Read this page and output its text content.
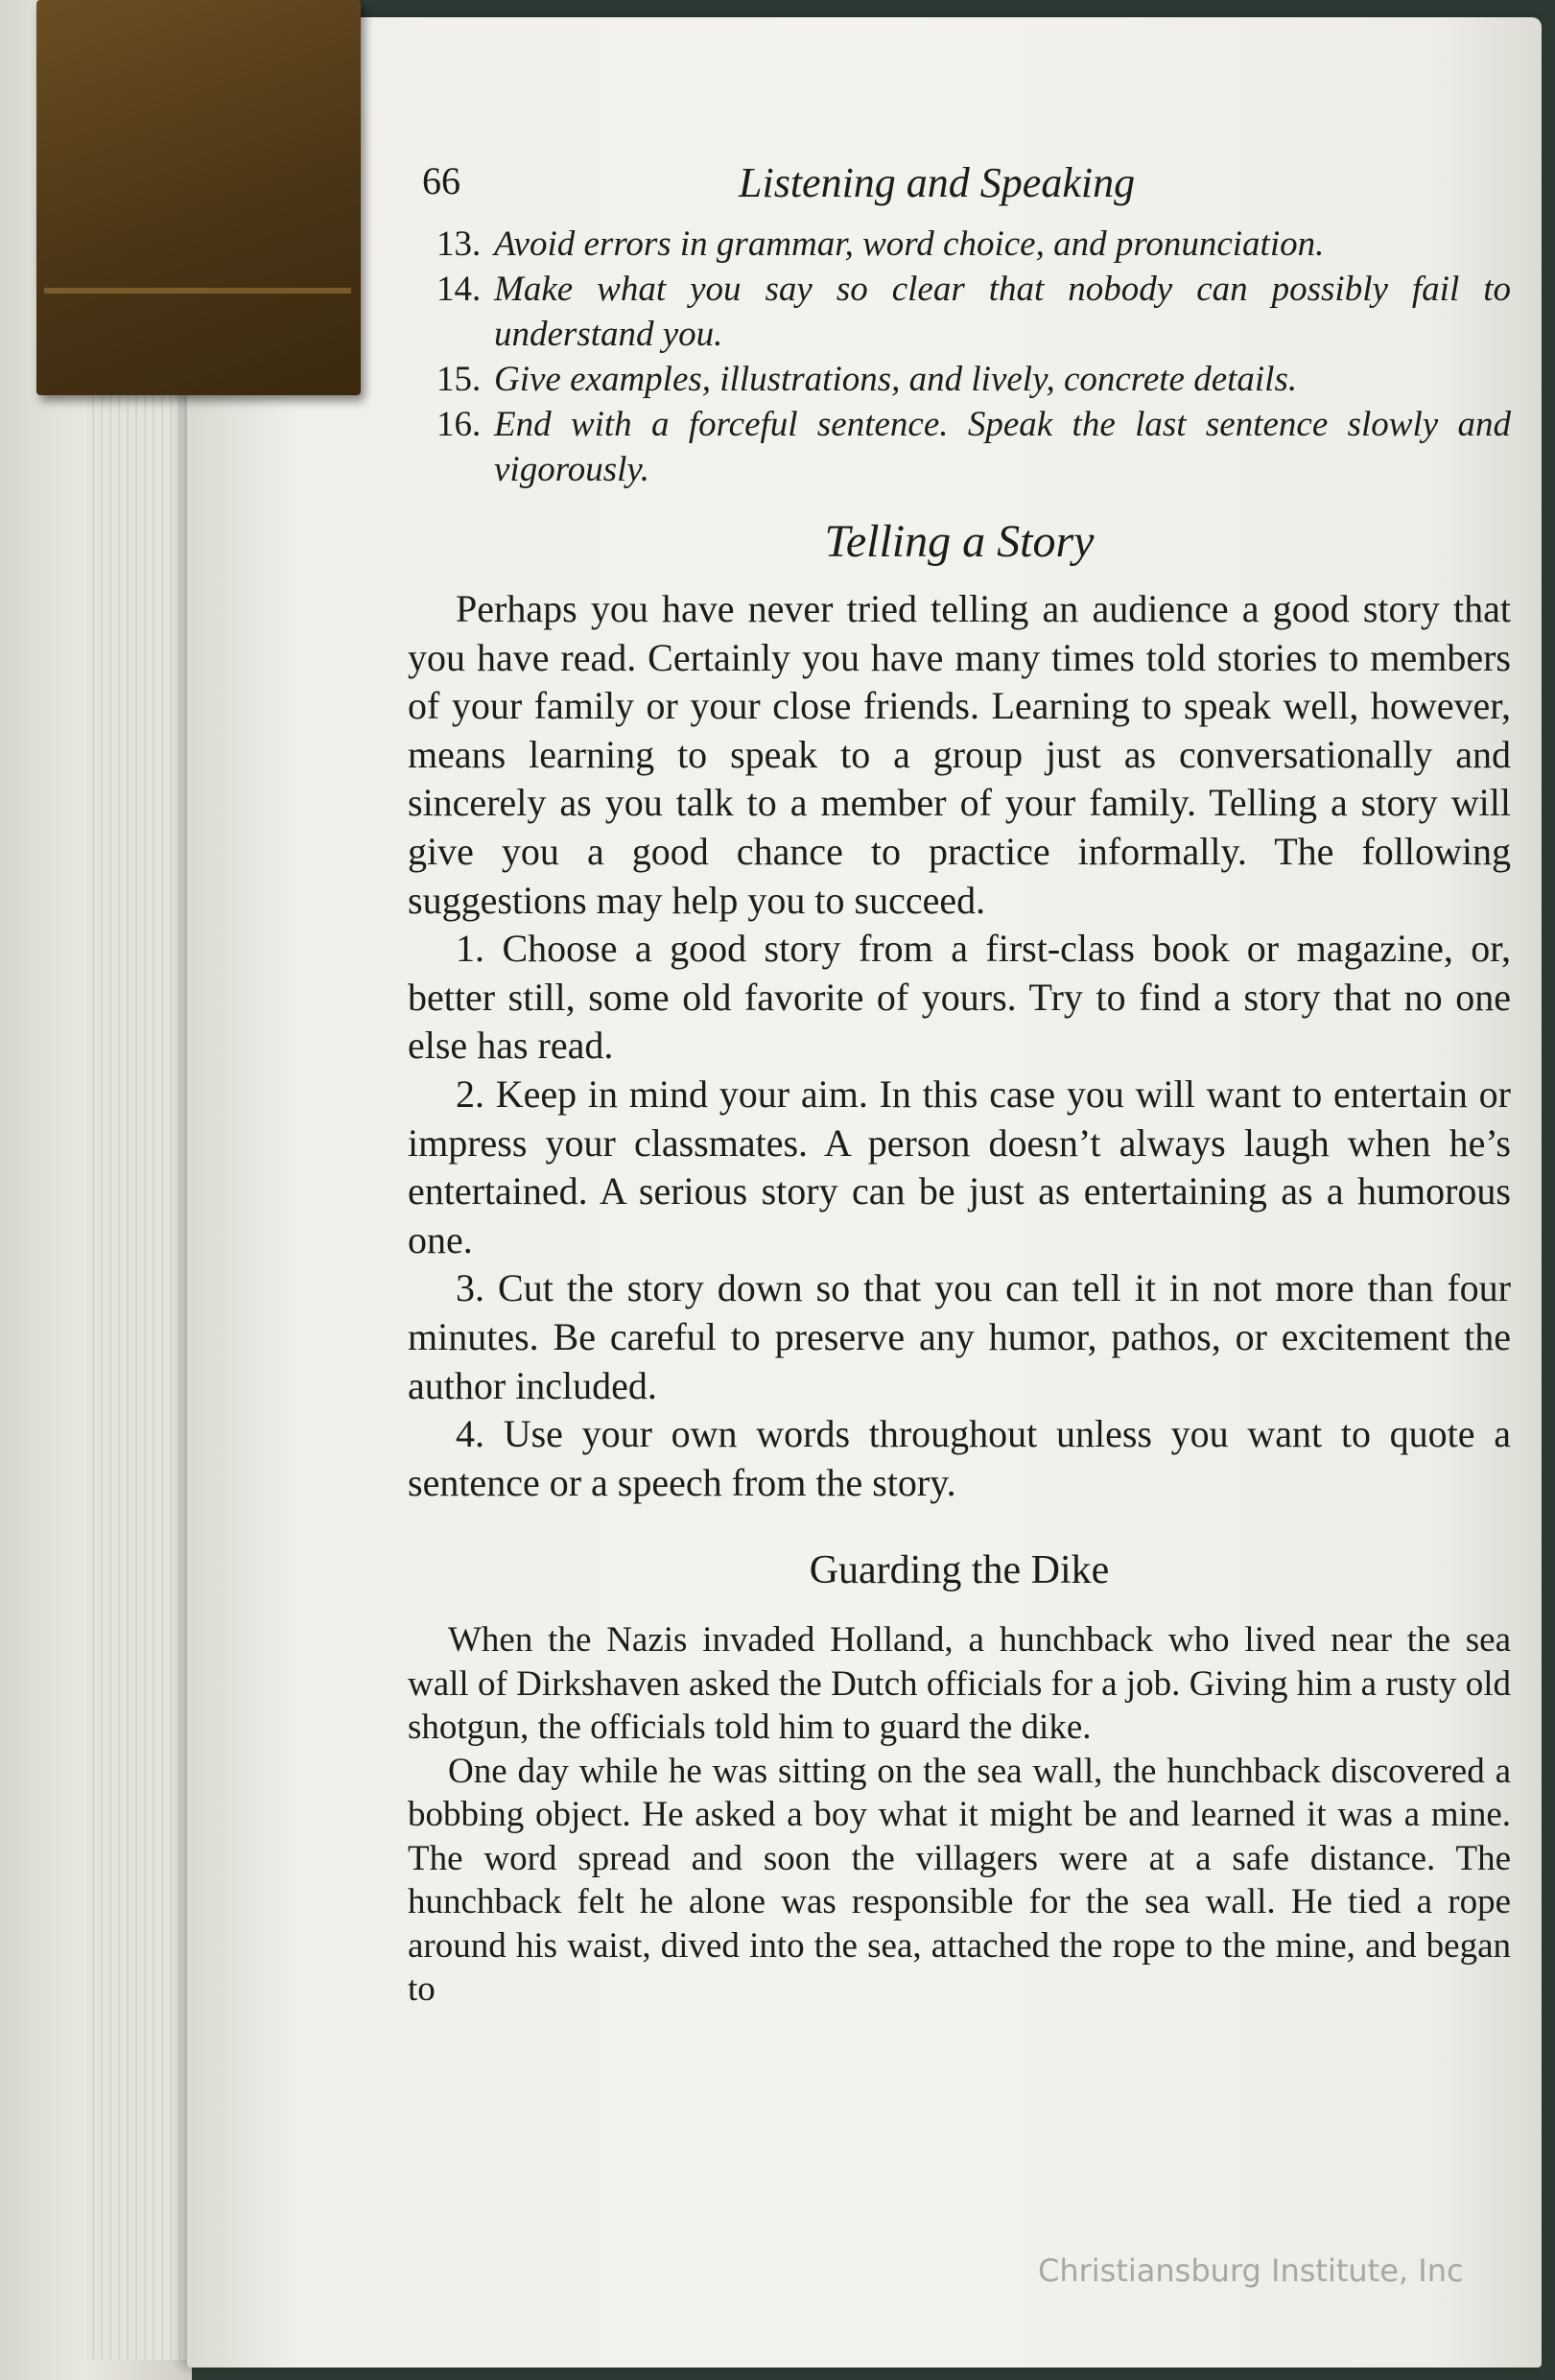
66	Listening and Speaking
13. Avoid errors in grammar, word choice, and pronunciation.
14. Make what you say so clear that nobody can possibly fail to understand you.
15. Give examples, illustrations, and lively, concrete details.
16. End with a forceful sentence. Speak the last sentence slowly and vigorously.
Telling a Story

Perhaps you have never tried telling an audience a good story that you have read. Certainly you have many times told stories to members of your family or your close friends. Learning to speak well, however, means learning to speak to a group just as conversationally and sincerely as you talk to a member of your family. Telling a story will give you a good chance to practice informally. The following suggestions may help you to succeed.

1. Choose a good story from a first-class book or magazine, or, better still, some old favorite of yours. Try to find a story that no one else has read.

2. Keep in mind your aim. In this case you will want to entertain or impress your classmates. A person doesn’t always laugh when he’s entertained. A serious story can be just as entertaining as a humorous one.

3. Cut the story down so that you can tell it in not more than four minutes. Be careful to preserve any humor, pathos, or excitement the author included.

4. Use your own words throughout unless you want to quote a sentence or a speech from the story.

Guarding the Dike

When the Nazis invaded Holland, a hunchback who lived near the sea wall of Dirkshaven asked the Dutch officials for a job. Giving him a rusty old shotgun, the officials told him to guard the dike.

One day while he was sitting on the sea wall, the hunchback discovered a bobbing object. He asked a boy what it might be and learned it was a mine. The word spread and soon the villagers were at a safe distance. The hunchback felt he alone was responsible for the sea wall. He tied a rope around his waist, dived into the sea, attached the rope to the mine, and began to

Christiansburg Institute, Inc
